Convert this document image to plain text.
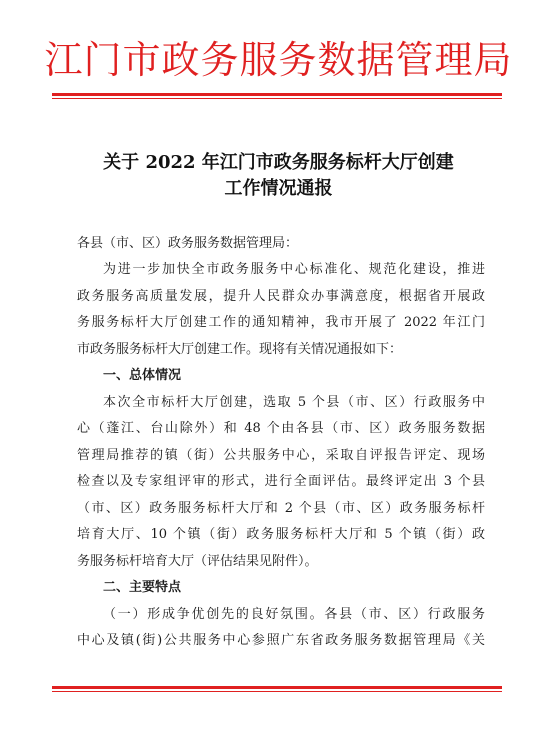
江门市政务服务数据管理局
关于 2022 年江门市政务服务标杆大厅创建
工作情况通报
各县（市、区）政务服务数据管理局：
为进一步加快全市政务服务中心标准化、规范化建设，推进
政务服务高质量发展，提升人民群众办事满意度，根据省开展政
务服务标杆大厅创建工作的通知精神，我市开展了 2022 年江门
市政务服务标杆大厅创建工作。现将有关情况通报如下：
一、总体情况
本次全市标杆大厅创建，选取 5 个县（市、区）行政服务中
心（蓬江、台山除外）和 48 个由各县（市、区）政务服务数据
管理局推荐的镇（街）公共服务中心，采取自评报告评定、现场
检查以及专家组评审的形式，进行全面评估。最终评定出 3 个县
（市、区）政务服务标杆大厅和 2 个县（市、区）政务服务标杆
培育大厅、10 个镇（街）政务服务标杆大厅和 5 个镇（街）政
务服务标杆培育大厅（评估结果见附件）。
二、主要特点
（一）形成争优创先的良好氛围。各县（市、区）行政服务
中心及镇(街)公共服务中心参照广东省政务服务数据管理局《关
